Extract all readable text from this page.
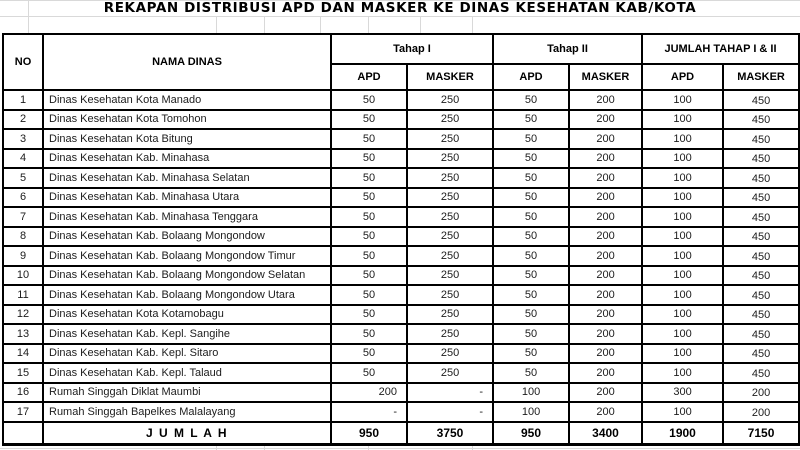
REKAPAN DISTRIBUSI APD DAN MASKER KE DINAS KESEHATAN KAB/KOTA
NO	NAMA DINAS	Tahap I		Tahap II		JUMLAH TAHAP I & II	
		APD	MASKER	APD	MASKER	APD	MASKER
1	Dinas Kesehatan Kota Manado	50	250	50	200	100	450
2	Dinas Kesehatan Kota Tomohon	50	250	50	200	100	450
3	Dinas Kesehatan Kota Bitung	50	250	50	200	100	450
4	Dinas Kesehatan Kab. Minahasa	50	250	50	200	100	450
5	Dinas Kesehatan Kab. Minahasa Selatan	50	250	50	200	100	450
6	Dinas Kesehatan Kab. Minahasa Utara	50	250	50	200	100	450
7	Dinas Kesehatan Kab. Minahasa Tenggara	50	250	50	200	100	450
8	Dinas Kesehatan Kab. Bolaang Mongondow	50	250	50	200	100	450
9	Dinas Kesehatan Kab. Bolaang Mongondow Timur	50	250	50	200	100	450
10	Dinas Kesehatan Kab. Bolaang Mongondow Selatan	50	250	50	200	100	450
11	Dinas Kesehatan Kab. Bolaang Mongondow Utara	50	250	50	200	100	450
12	Dinas Kesehatan Kota Kotamobagu	50	250	50	200	100	450
13	Dinas Kesehatan Kab. Kepl. Sangihe	50	250	50	200	100	450
14	Dinas Kesehatan Kab. Kepl. Sitaro	50	250	50	200	100	450
15	Dinas Kesehatan Kab. Kepl. Talaud	50	250	50	200	100	450
16	Rumah Singgah Diklat Maumbi	200	-	100	200	300	200
17	Rumah Singgah Bapelkes Malalayang	-	-	100	200	100	200
	J U M L A H	950	3750	950	3400	1900	7150
